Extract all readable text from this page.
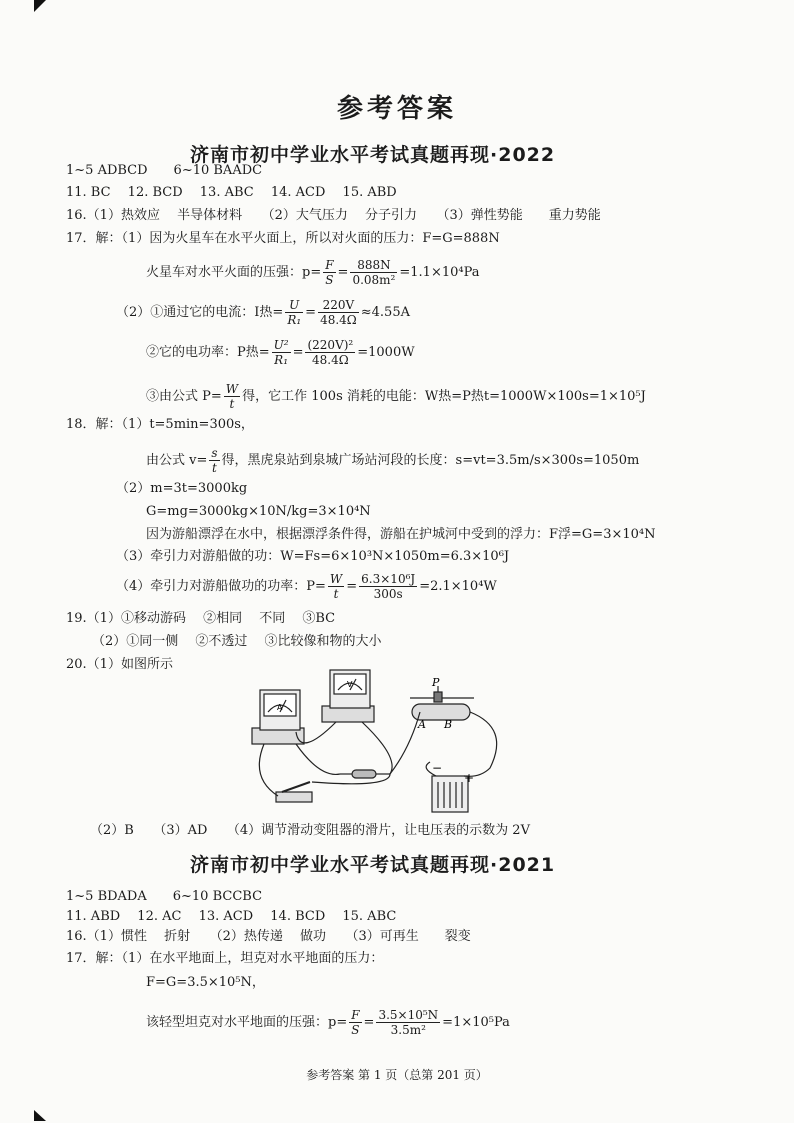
参考答案
济南市初中学业水平考试真题再现·2022
1~5 ADBCD　　6~10 BAADC
11. BC　 12. BCD　 13. ABC　 14. ACD　 15. ABD
16.（1）热效应　 半导体材料　　（2）大气压力　 分子引力　　（3）弹性势能　　重力势能
17．解：（1）因为火星车在水平火面上，所以对火面的压力：F=G=888N
火星车对水平火面的压强：$p= \frac{F}{S} = \frac{888N}{\text{0.08m²}} =1.1\times 10^4Pa$
（2）①通过它的电流：I热= $\frac{U}{\text{R₁}} = \frac{220V}{48.4\Omega} \approx 4.55A$
②它的电功率：P热= $\frac{\text{U²}}{\text{R₁}} = \frac{\text{(220V)²}}{48.4\Omega} =1000W$
③由公式 $P= \frac{W}{t}$ 得，它工作 100s 消耗的电能：W热=P热t=1000W×100s=1×10⁵J
18．解：（1）t=5min=300s，
由公式 $v= \frac{s}{t}$ 得，黑虎泉站到泉城广场站河段的长度：s=vt=3.5m/s×300s=1050m
（2）m=3t=3000kg
G=mg=3000kg×10N/kg=3×10⁴N
因为游船漂浮在水中，根据漂浮条件得，游船在护城河中受到的浮力：F浮=G=3×10⁴N
（3）牵引力对游船做的功：W=Fs=6×10³N×1050m=6.3×10⁶J
（4）牵引力对游船做功的功率：$P= \frac{W}{t} = \frac{\text{6.3×10⁶J}}{300s} =2.1\times 10^4W$
19.（1）①移动游码　 ②相同　 不同　 ③BC
（2）①同一侧　 ②不透过　 ③比较像和物的大小
20.（1）如图所示
P
A B
−
+
A
V
（2）B　　（3）AD　　（4）调节滑动变阻器的滑片，让电压表的示数为 2V
济南市初中学业水平考试真题再现·2021
1~5 BDADA　　6~10 BCCBC
11. ABD　 12. AC　 13. ACD　 14. BCD　 15. ABC
16.（1）惯性　 折射　　（2）热传递　 做功　　（3）可再生　　裂变
17．解：（1）在水平地面上，坦克对水平地面的压力：
F=G=3.5×10⁵N，
该轻型坦克对水平地面的压强：$p= \frac{F}{S} = \frac{\text{3.5×10⁵N}}{\text{3.5m²}} =1\times 10^5Pa$
参考答案 第 1 页（总第 201 页）
